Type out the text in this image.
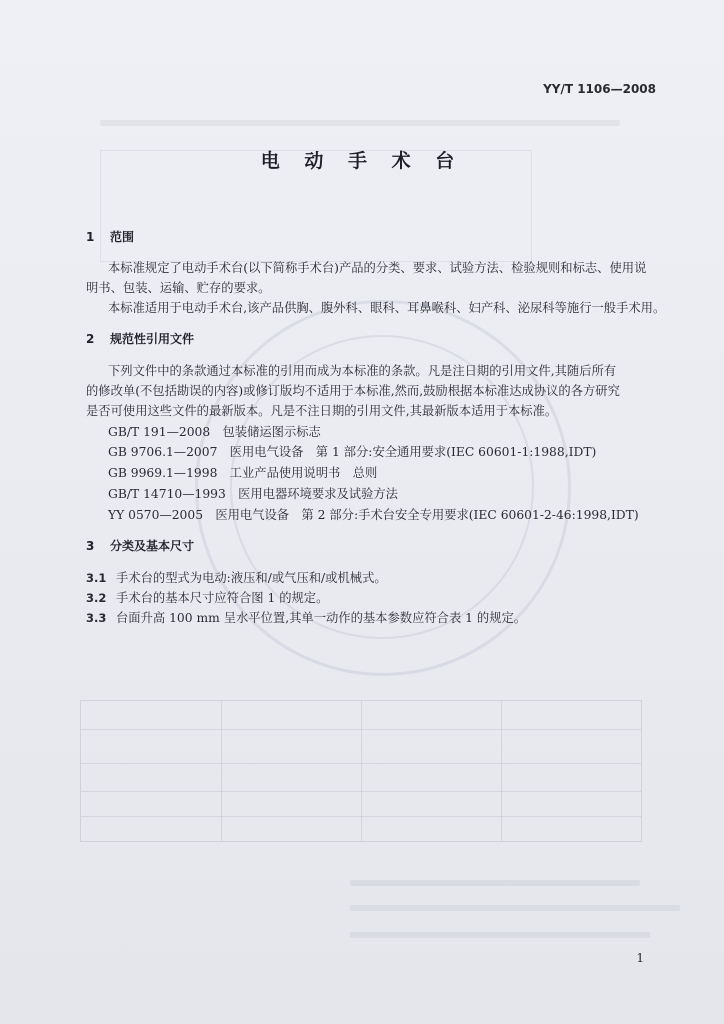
YY/T 1106—2008
电 动 手 术 台
1 范围
本标准规定了电动手术台(以下简称手术台)产品的分类、要求、试验方法、检验规则和标志、使用说
明书、包装、运输、贮存的要求。
本标准适用于电动手术台,该产品供胸、腹外科、眼科、耳鼻喉科、妇产科、泌尿科等施行一般手术用。
2 规范性引用文件
下列文件中的条款通过本标准的引用而成为本标准的条款。凡是注日期的引用文件,其随后所有
的修改单(不包括勘误的内容)或修订版均不适用于本标准,然而,鼓励根据本标准达成协议的各方研究
是否可使用这些文件的最新版本。凡是不注日期的引用文件,其最新版本适用于本标准。
GB/T 191—2008　包装储运图示标志
GB 9706.1—2007　医用电气设备　第 1 部分:安全通用要求(IEC 60601-1:1988,IDT)
GB 9969.1—1998　工业产品使用说明书　总则
GB/T 14710—1993　医用电器环境要求及试验方法
YY 0570—2005　医用电气设备　第 2 部分:手术台安全专用要求(IEC 60601-2-46:1998,IDT)
3 分类及基本尺寸
3.1 手术台的型式为电动:液压和/或气压和/或机械式。
3.2 手术台的基本尺寸应符合图 1 的规定。
3.3 台面升高 100 mm 呈水平位置,其单一动作的基本参数应符合表 1 的规定。
1
